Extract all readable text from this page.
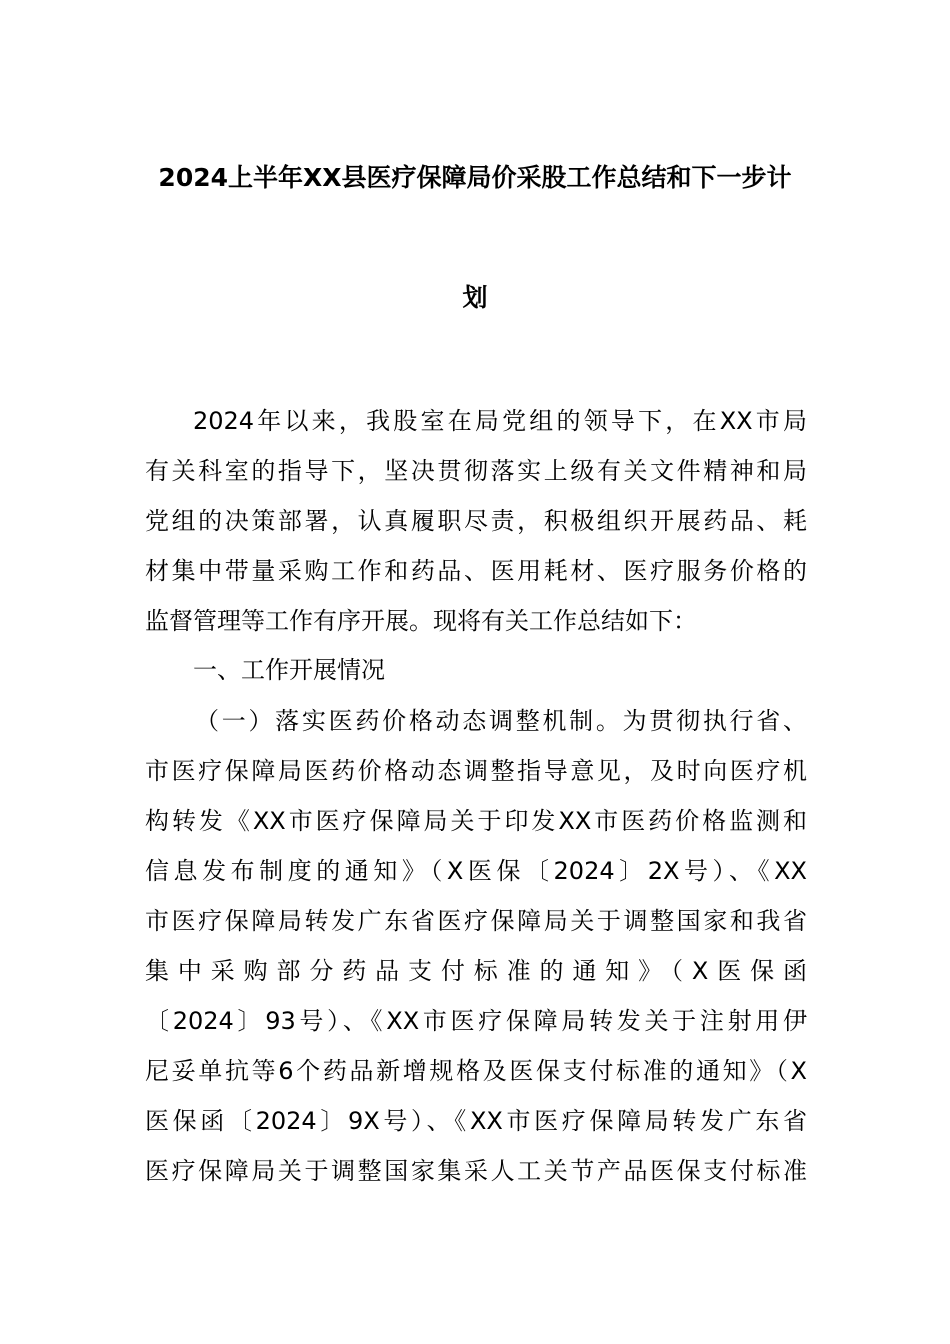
2024上半年XX县医疗保障局价采股工作总结和下一步计
划
2024年以来，我股室在局党组的领导下，在XX市局
有关科室的指导下，坚决贯彻落实上级有关文件精神和局
党组的决策部署，认真履职尽责，积极组织开展药品、耗
材集中带量采购工作和药品、医用耗材、医疗服务价格的
监督管理等工作有序开展。现将有关工作总结如下：
一、工作开展情况
（一）落实医药价格动态调整机制。为贯彻执行省、
市医疗保障局医药价格动态调整指导意见，及时向医疗机
构转发《XX市医疗保障局关于印发XX市医药价格监测和
信息发布制度的通知》（X医保〔2024〕2X号）、《XX
市医疗保障局转发广东省医疗保障局关于调整国家和我省
集中采购部分药品支付标准的通知》（X医保函
〔2024〕93号）、《XX市医疗保障局转发关于注射用伊
尼妥单抗等6个药品新增规格及医保支付标准的通知》（X
医保函〔2024〕9X号）、《XX市医疗保障局转发广东省
医疗保障局关于调整国家集采人工关节产品医保支付标准
